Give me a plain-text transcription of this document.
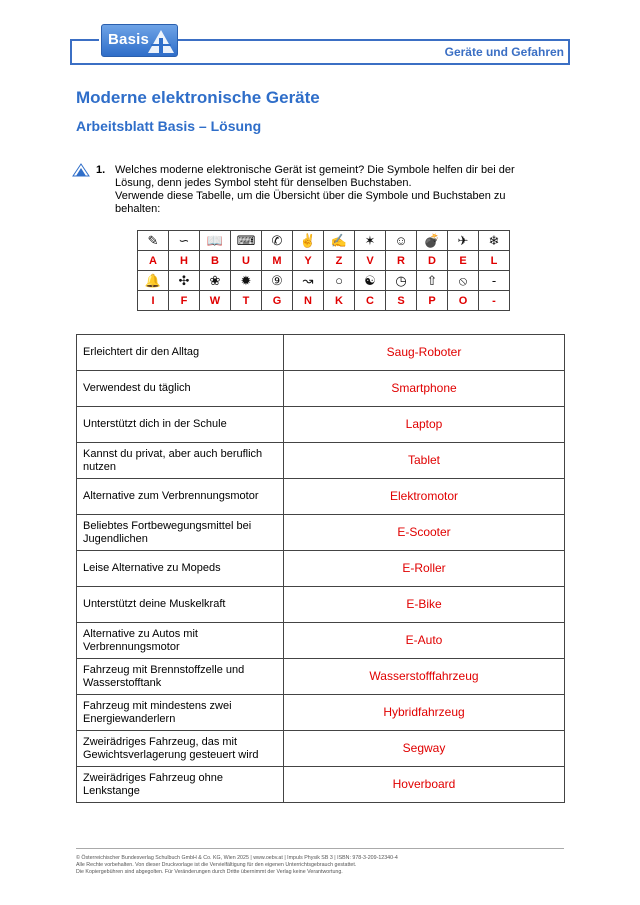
Basis
Geräte und Gefahren
Moderne elektronische Geräte
Arbeitsblatt Basis – Lösung
1. Welches moderne elektronische Gerät ist gemeint? Die Symbole helfen dir bei der
Lösung, denn jedes Symbol steht für denselben Buchstaben.
Verwende diese Tabelle, um die Übersicht über die Symbole und Buchstaben zu
behalten:
✎	∽	📖	⌨	✆	✌	✍	✶	☺	💣	✈	❄
A	H	B	U	M	Y	Z	V	R	D	E	L
🔔	✣	❀	✹	⑨	↝	○	☯	◷	⇧	⦸	-
I	F	W	T	G	N	K	C	S	P	O	-
Erleichtert dir den Alltag	Saug-Roboter
Verwendest du täglich	Smartphone
Unterstützt dich in der Schule	Laptop
Kannst du privat, aber auch beruflich nutzen	Tablet
Alternative zum Verbrennungsmotor	Elektromotor
Beliebtes Fortbewegungsmittel bei Jugendlichen	E-Scooter
Leise Alternative zu Mopeds	E-Roller
Unterstützt deine Muskelkraft	E-Bike
Alternative zu Autos mit Verbrennungsmotor	E-Auto
Fahrzeug mit Brennstoffzelle und Wasserstofftank	Wasserstofffahrzeug
Fahrzeug mit mindestens zwei Energiewanderlern	Hybridfahrzeug
Zweirädriges Fahrzeug, das mit Gewichtsverlagerung gesteuert wird	Segway
Zweirädriges Fahrzeug ohne Lenkstange	Hoverboard
© Österreichischer Bundesverlag Schulbuch GmbH & Co. KG, Wien 2025 | www.oebv.at | Impuls Physik SB 3 | ISBN: 978-3-209-12340-4
Alle Rechte vorbehalten. Von dieser Druckvorlage ist die Vervielfältigung für den eigenen Unterrichtsgebrauch gestattet.
Die Kopiergebühren sind abgegolten. Für Veränderungen durch Dritte übernimmt der Verlag keine Verantwortung.
